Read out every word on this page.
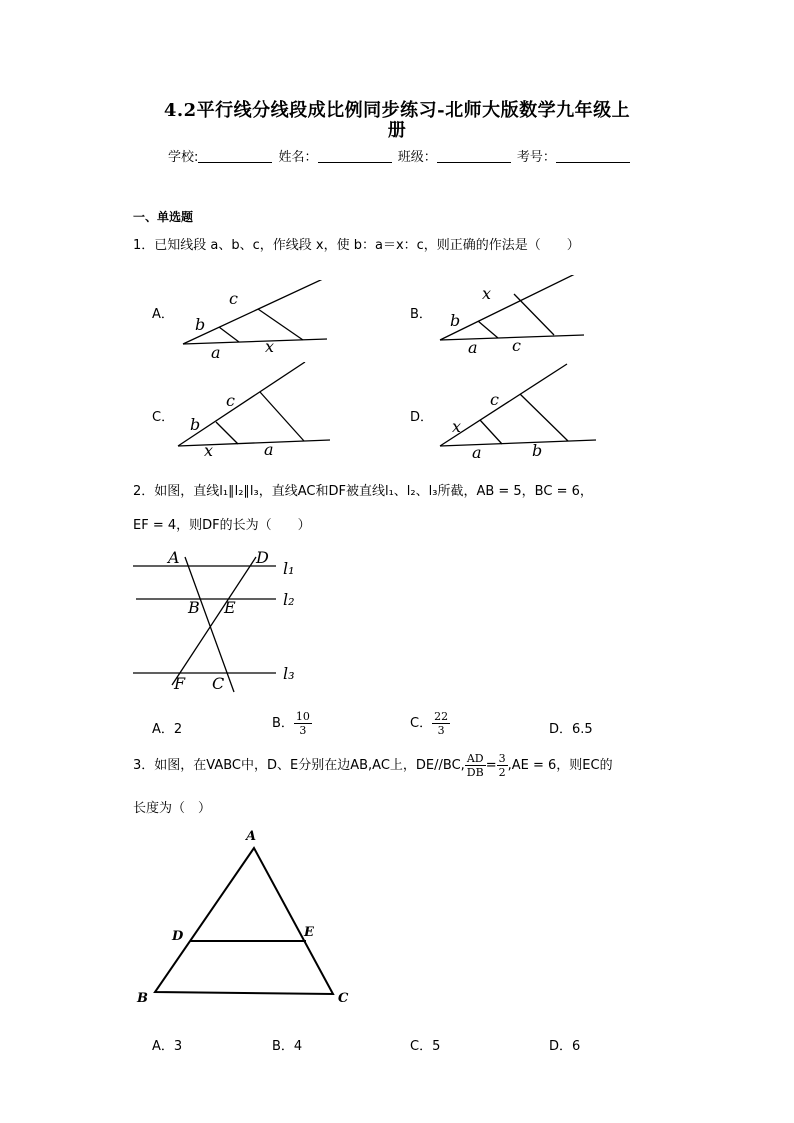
4.2平行线分线段成比例同步练习-北师大版数学九年级上
册
学校:	姓名：	班级：	考号：
一、单选题
1．已知线段 a、b、c，作线段 x，使 b：a＝x：c，则正确的作法是（　　）
A．
c
b
a	x
B．
x
b
a c
C．
c
b
x	a
D．
c
x
a	b
2．如图，直线l₁∥l₂∥l₃，直线AC和DF被直线l₁、l₂、l₃所截，AB = 5，BC = 6，
EF = 4，则DF的长为（　　）
A	D
l₁
B E	l₂
F C
l₃
A．2	B． $\frac{10}{3}$	C． $\frac{22}{3}$	D．6.5
3．如图，在VABC中，D、E分别在边AB,AC上，DE//BC, $\frac{AD}{DB} = \frac{3}{2} ,AE = 6$，则EC的
长度为（　）
A
D	E
B	C
A．3	B．4	C．5	D．6
